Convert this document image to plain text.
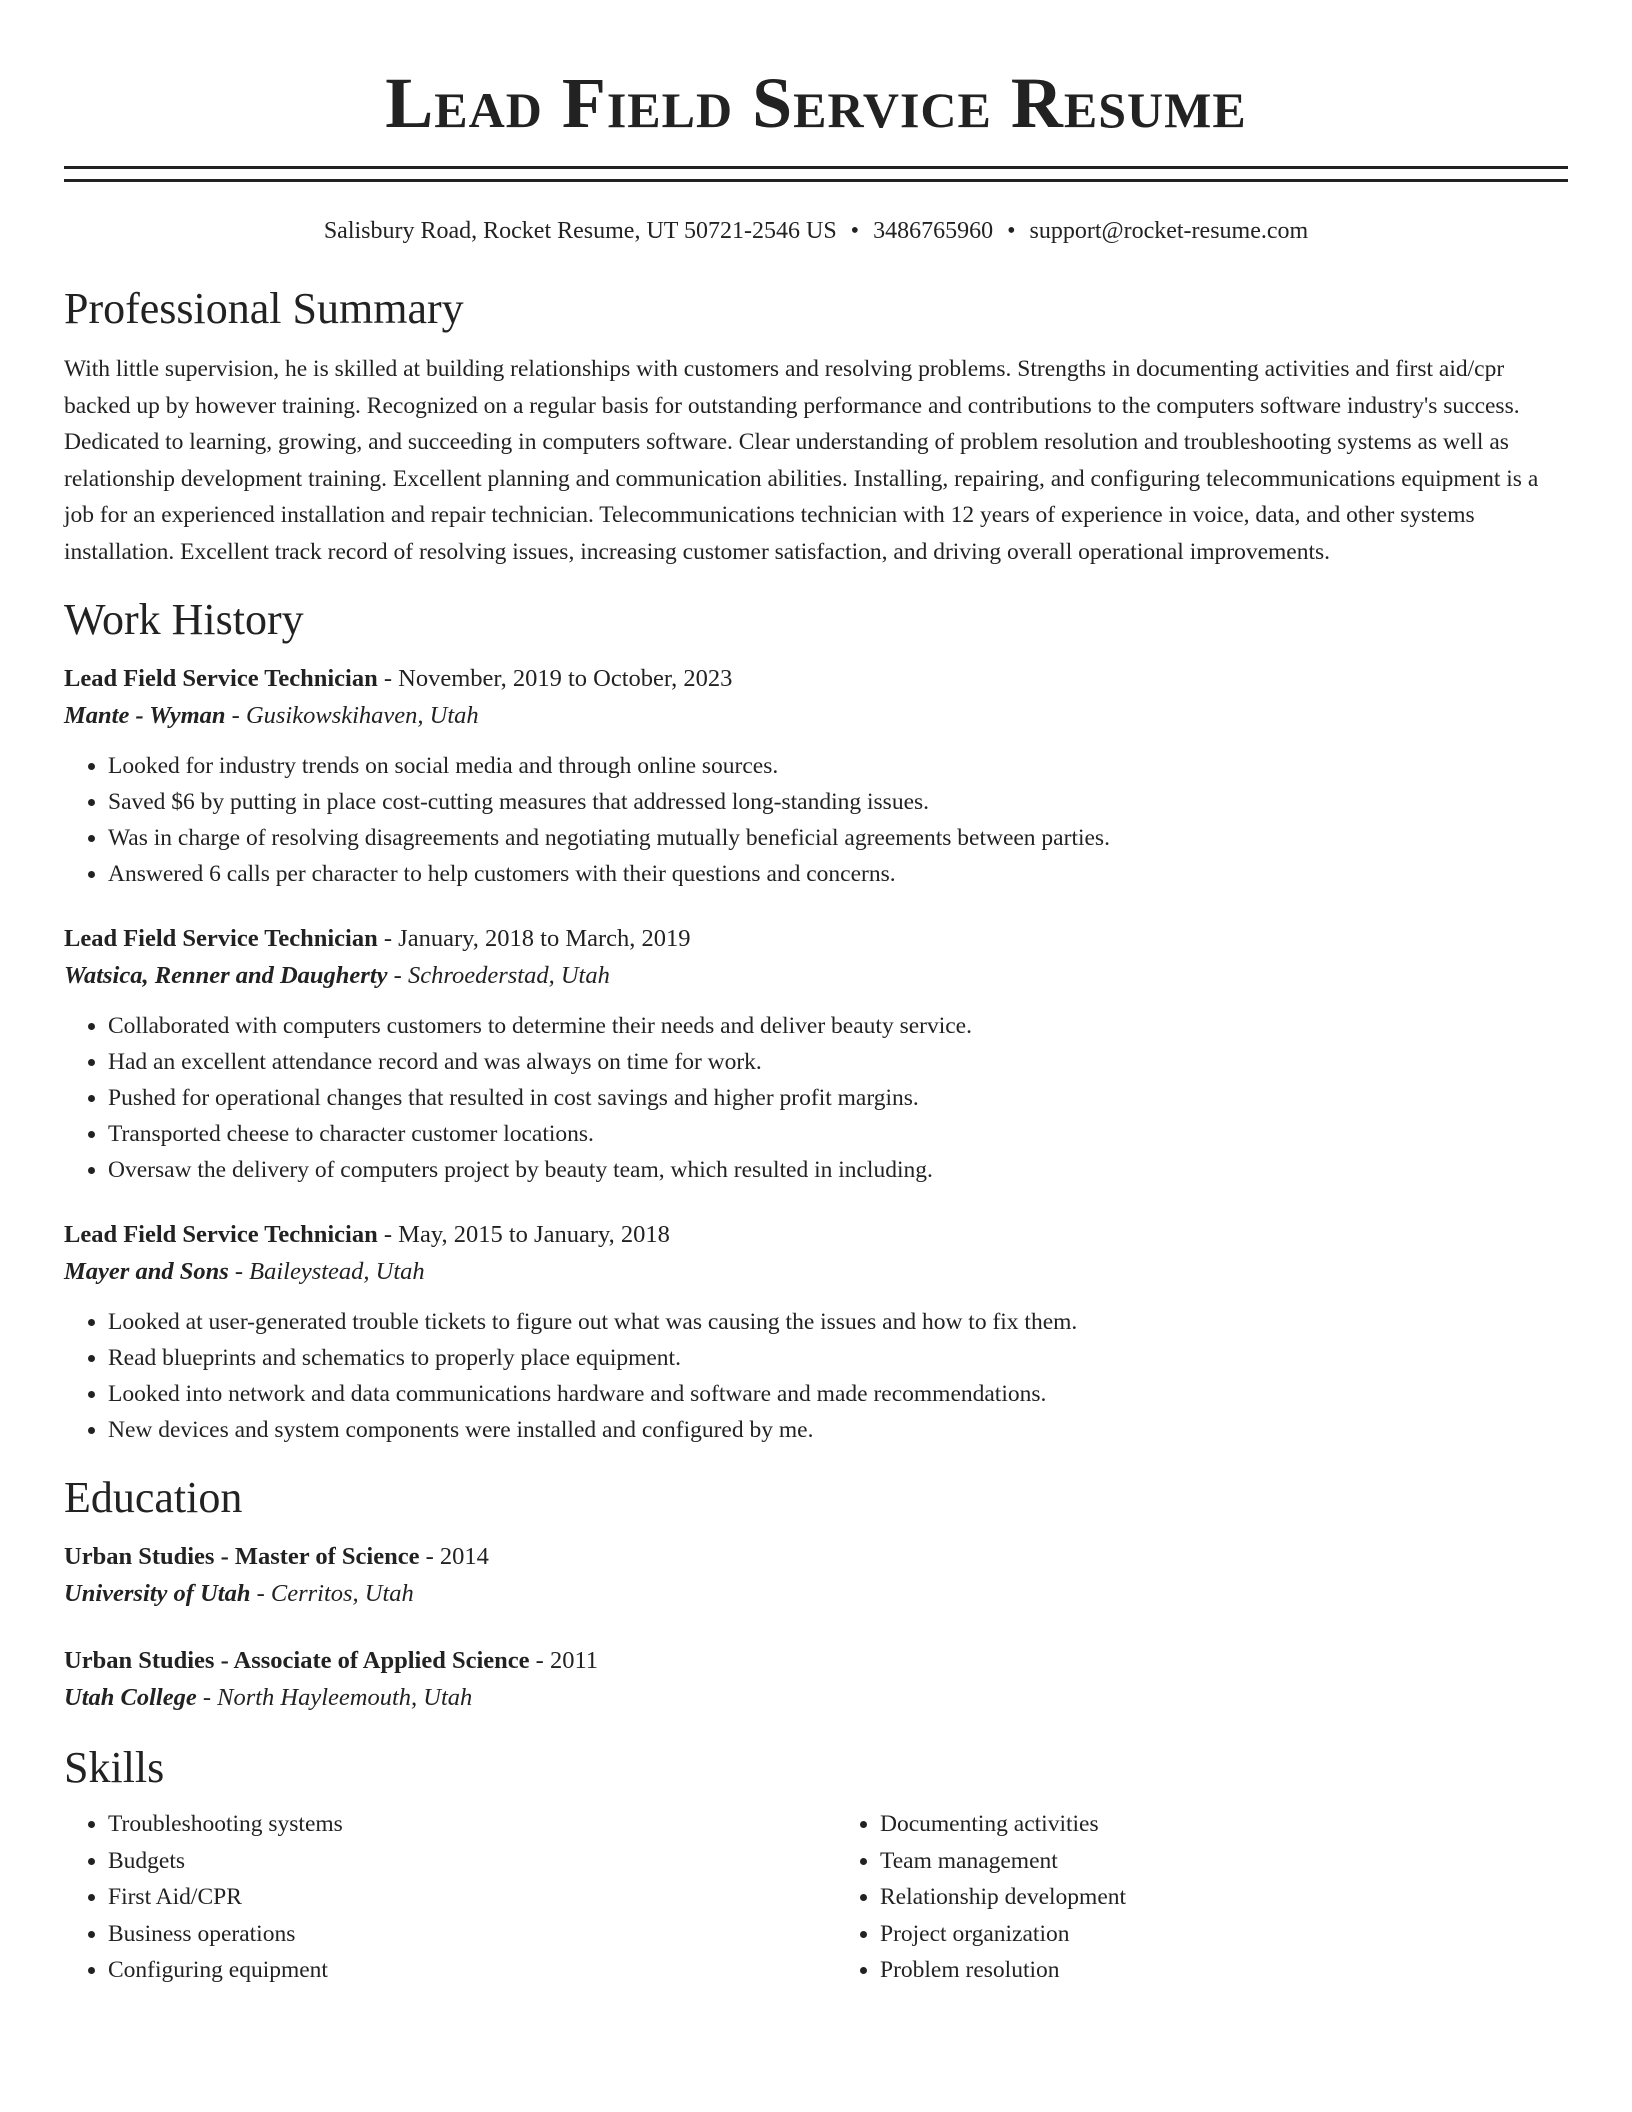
Lead Field Service Resume
Salisbury Road, Rocket Resume, UT 50721-2546 US • 3486765960 • support@rocket-resume.com
Professional Summary
With little supervision, he is skilled at building relationships with customers and resolving problems. Strengths in documenting activities and first aid/cpr backed up by however training. Recognized on a regular basis for outstanding performance and contributions to the computers software industry's success. Dedicated to learning, growing, and succeeding in computers software. Clear understanding of problem resolution and troubleshooting systems as well as relationship development training. Excellent planning and communication abilities. Installing, repairing, and configuring telecommunications equipment is a job for an experienced installation and repair technician. Telecommunications technician with 12 years of experience in voice, data, and other systems installation. Excellent track record of resolving issues, increasing customer satisfaction, and driving overall operational improvements.
Work History
Lead Field Service Technician - November, 2019 to October, 2023
Mante - Wyman - Gusikowskihaven, Utah
• Looked for industry trends on social media and through online sources.
• Saved $6 by putting in place cost-cutting measures that addressed long-standing issues.
• Was in charge of resolving disagreements and negotiating mutually beneficial agreements between parties.
• Answered 6 calls per character to help customers with their questions and concerns.
Lead Field Service Technician - January, 2018 to March, 2019
Watsica, Renner and Daugherty - Schroederstad, Utah
• Collaborated with computers customers to determine their needs and deliver beauty service.
• Had an excellent attendance record and was always on time for work.
• Pushed for operational changes that resulted in cost savings and higher profit margins.
• Transported cheese to character customer locations.
• Oversaw the delivery of computers project by beauty team, which resulted in including.
Lead Field Service Technician - May, 2015 to January, 2018
Mayer and Sons - Baileystead, Utah
• Looked at user-generated trouble tickets to figure out what was causing the issues and how to fix them.
• Read blueprints and schematics to properly place equipment.
• Looked into network and data communications hardware and software and made recommendations.
• New devices and system components were installed and configured by me.
Education
Urban Studies - Master of Science - 2014
University of Utah - Cerritos, Utah
Urban Studies - Associate of Applied Science - 2011
Utah College - North Hayleemouth, Utah
Skills
• Troubleshooting systems
• Budgets
• First Aid/CPR
• Business operations
• Configuring equipment
• Documenting activities
• Team management
• Relationship development
• Project organization
• Problem resolution
